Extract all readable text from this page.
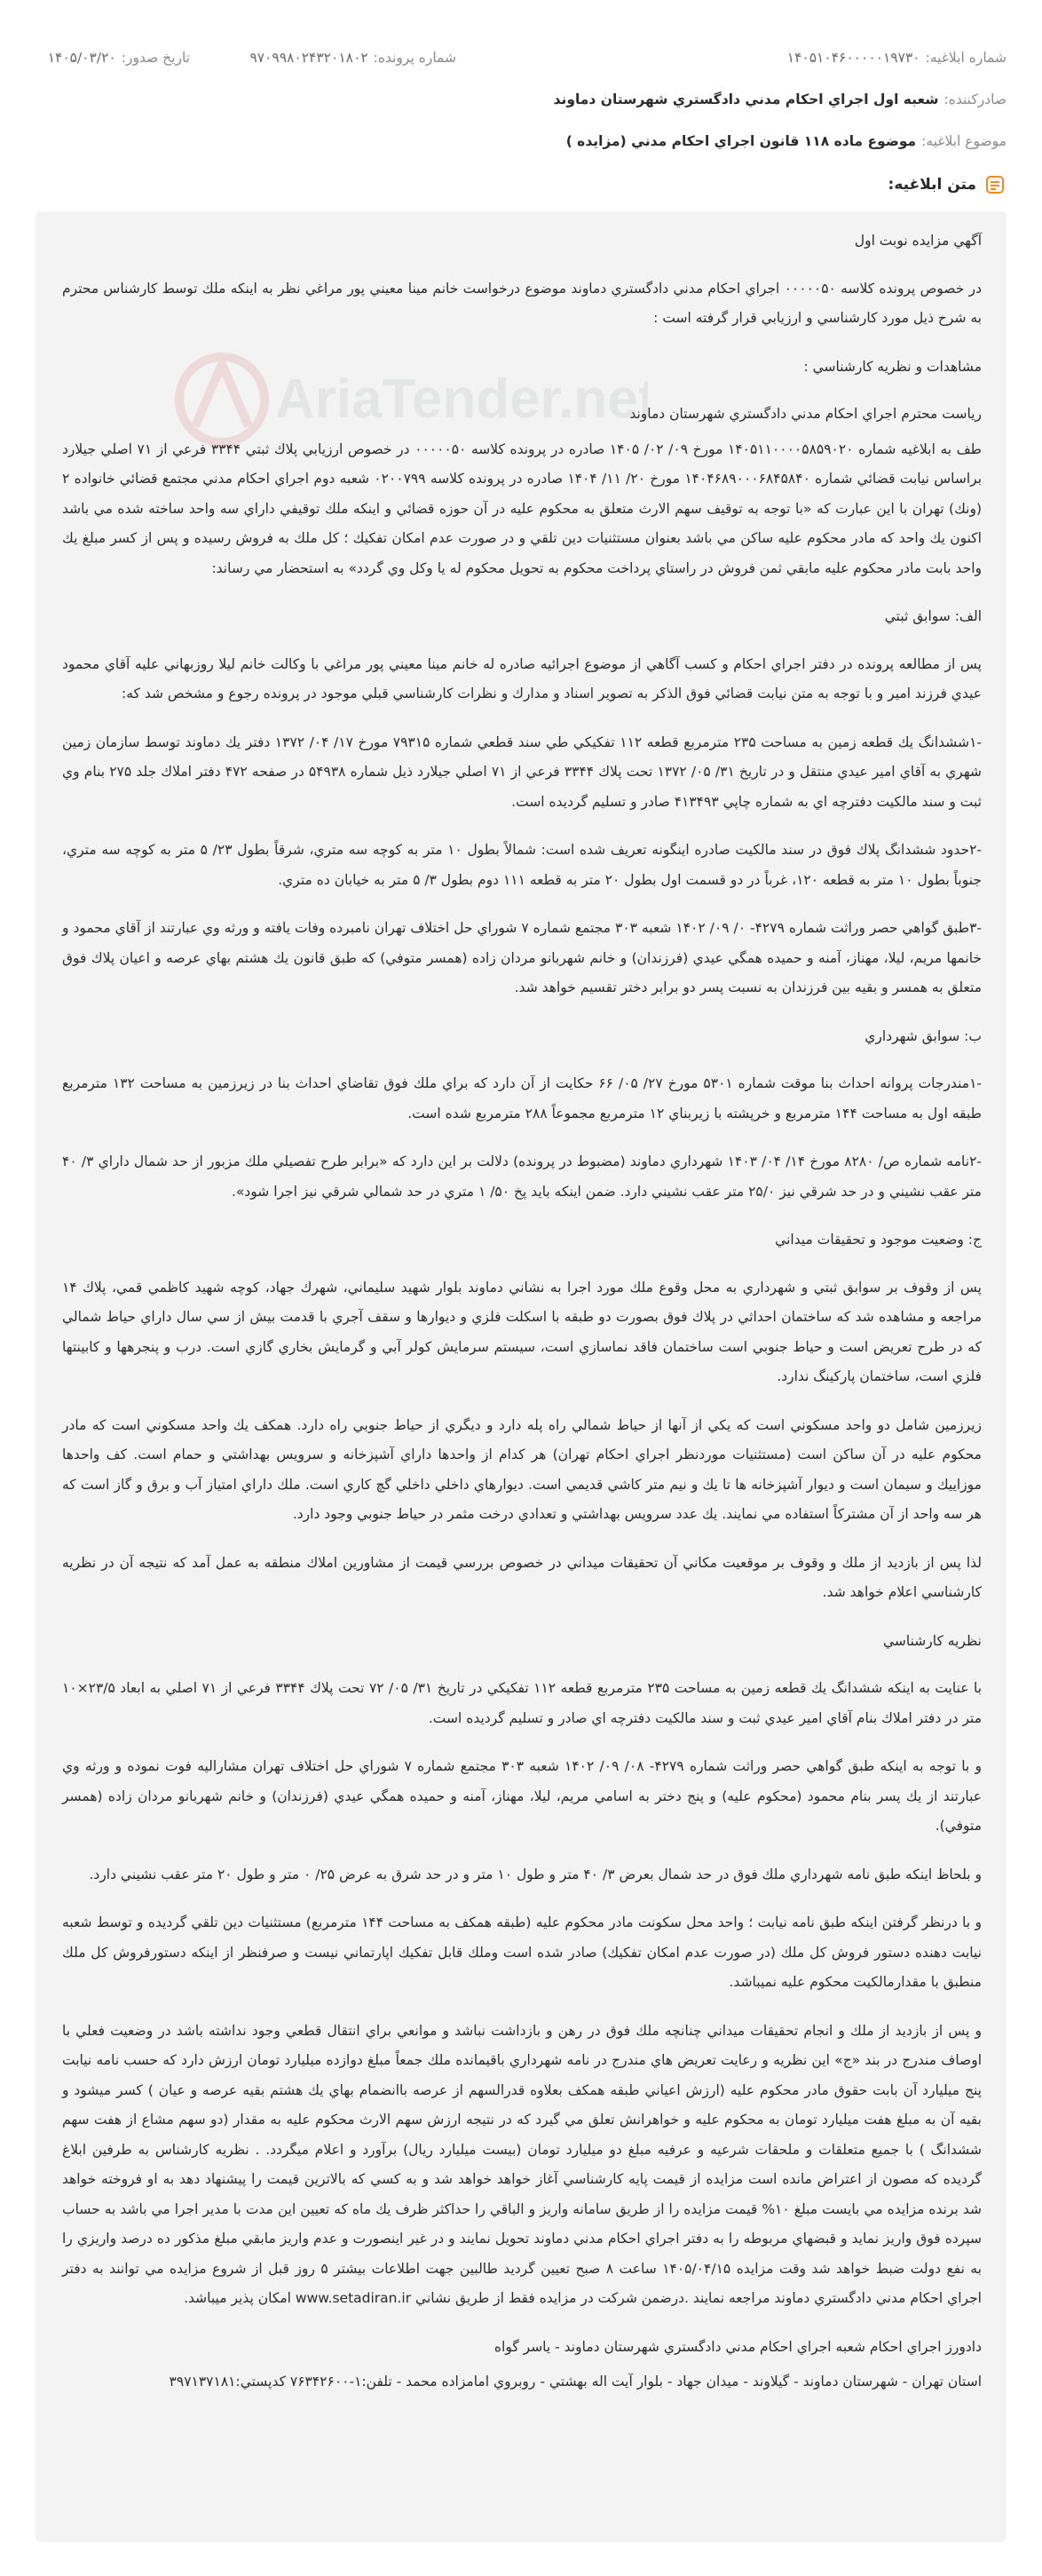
شماره ابلاغیه:
۱۴۰۵۱۰۴۶۰۰۰۰۰۱۹۷۳۰
شماره پرونده:
۹۷۰۹۹۸۰۲۴۳۲۰۱۸۰۲
تاریخ صدور:
۱۴۰۵/۰۳/۲۰
صادرکننده:
شعبه اول اجراي احكام مدني دادگستري شهرستان دماوند
موضوع ابلاغیه:
موضوع ماده ۱۱۸ قانون اجراي احکام مدني (مزايده )
متن ابلاغیه:

آگهي مزايده نوبت اول

در خصوص پرونده كلاسه ۰۰۰۰۰۵۰ اجراي احكام مدني دادگستري دماوند موضوع درخواست خانم مينا معيني پور مراغي نظر به اينكه ملك توسط كارشناس محترم به شرح ذيل مورد كارشناسي و ارزيابي قرار گرفته است :

مشاهدات و نظريه كارشناسي :

رياست محترم اجراي احكام مدني دادگستري شهرستان دماوند

طف به ابلاغيه شماره ۱۴۰۵۱۱۰۰۰۰۵۸۵۹۰۲۰ مورخ ۰۹/ ۰۲/ ۱۴۰۵ صادره در پرونده كلاسه ۰۰۰۰۰۵۰ در خصوص ارزيابي پلاك ثبتي ۳۳۴۴ فرعي از ۷۱ اصلي جيلارد براساس نيابت قضائي شماره ۱۴۰۴۶۸۹۰۰۰۶۸۴۵۸۴۰ مورخ ۲۰/ ۱۱/ ۱۴۰۴ صادره در پرونده كلاسه ۰۲۰۰۷۹۹ شعبه دوم اجراي احكام مدني مجتمع قضائي خانواده ۲ (ونك) تهران با اين عبارت كه «با توجه به توقيف سهم الارث متعلق به محكوم عليه در آن حوزه قضائي و اينكه ملك توقيفي داراي سه واحد ساخته شده مي باشد اكنون يك واحد كه مادر محكوم عليه ساكن مي باشد بعنوان مستثنيات دين تلقي و در صورت عدم امكان تفكيك ؛ كل ملك به فروش رسيده و پس از كسر مبلغ يك واحد بابت مادر محكوم عليه مابقي ثمن فروش در راستاي پرداخت محكوم به تحويل محكوم له يا وكل وي گردد» به استحضار مي رساند:

الف: سوابق ثبتي

پس از مطالعه پرونده در دفتر اجراي احكام و كسب آگاهي از موضوع اجرائيه صادره له خانم مينا معيني پور مراغي با وكالت خانم ليلا روزبهاني عليه آقاي محمود عيدي فرزند امير و با توجه به متن نيابت قضائي فوق الذكر به تصوير اسناد و مدارك و نظرات كارشناسي قبلي موجود در پرونده رجوع و مشخص شد كه:

-۱ششدانگ يك قطعه زمين به مساحت ۲۳۵ مترمربع قطعه ۱۱۲ تفكيكي طي سند قطعي شماره ۷۹۳۱۵ مورخ ۱۷/ ۰۴/ ۱۳۷۲ دفتر يك دماوند توسط سازمان زمين شهري به آقاي امير عيدي منتقل و در تاريخ ۳۱/ ۰۵/ ۱۳۷۲ تحت پلاك ۳۳۴۴ فرعي از ۷۱ اصلي جيلارد ذيل شماره ۵۴۹۳۸ در صفحه ۴۷۲ دفتر املاك جلد ۲۷۵ بنام وي ثبت و سند مالكيت دفترچه اي به شماره چاپي ۴۱۳۴۹۳ صادر و تسليم گرديده است.

-۲حدود ششدانگ پلاك فوق در سند مالكيت صادره اينگونه تعريف شده است: شمالاً بطول ۱۰ متر به كوچه سه متري، شرقاً بطول ۲۳/ ۵ متر به كوچه سه متري، جنوباً بطول ۱۰ متر به قطعه ۱۲۰، غرباً در دو قسمت اول بطول ۲۰ متر به قطعه ۱۱۱ دوم بطول ۳/ ۵ متر به خيابان ده متري.

-۳طبق گواهي حصر وراثت شماره ۴۲۷۹- ۰/ ۰۹/ ۱۴۰۲ شعبه ۳۰۳ مجتمع شماره ۷ شوراي حل اختلاف تهران نامبرده وفات يافته و ورثه وي عبارتند از آقاي محمود و خانمها مريم، ليلا، مهناز، آمنه و حميده همگي عيدي (فرزندان) و خانم شهربانو مردان زاده (همسر متوفي) كه طبق قانون يك هشتم بهاي عرصه و اعيان پلاك فوق متعلق به همسر و بقيه بين فرزندان به نسبت پسر دو برابر دختر تقسيم خواهد شد.

ب: سوابق شهرداري

-۱مندرجات پروانه احداث بنا موقت شماره ۵۳۰۱ مورخ ۲۷/ ۰۵/ ۶۶ حكايت از آن دارد كه براي ملك فوق تقاضاي احداث بنا در زيرزمين به مساحت ۱۳۲ مترمربع طبقه اول به مساحت ۱۴۴ مترمربع و خرپشته با زيربناي ۱۲ مترمربع مجموعاً ۲۸۸ مترمربع شده است.

-۲نامه شماره ص/ ۸۲۸۰ مورخ ۱۴/ ۰۴/ ۱۴۰۳ شهرداري دماوند (مضبوط در پرونده) دلالت بر اين دارد كه «برابر طرح تفصيلي ملك مزبور از حد شمال داراي ۳/ ۴۰ متر عقب نشيني و در حد شرقي نيز ۲۵/۰ متر عقب نشيني دارد. ضمن اينكه بايد پخ ۵۰/ ۱ متري در حد شمالي شرقي نيز اجرا شود».

ج: وضعيت موجود و تحقيقات ميداني

پس از وقوف بر سوابق ثبتي و شهرداري به محل وقوع ملك مورد اجرا به نشاني دماوند بلوار شهيد سليماني، شهرك جهاد، كوچه شهيد كاظمي قمي، پلاك ۱۴ مراجعه و مشاهده شد كه ساختمان احداثي در پلاك فوق بصورت دو طبقه با اسكلت فلزي و ديوارها و سقف آجري با قدمت بيش از سي سال داراي حياط شمالي كه در طرح تعريض است و حياط جنوبي است ساختمان فاقد نماسازي است، سيستم سرمايش كولر آبي و گرمايش بخاري گازي است. درب و پنجرهها و كابينتها فلزي است، ساختمان پاركينگ ندارد.

زيرزمين شامل دو واحد مسكوني است كه يكي از آنها از حياط شمالي راه پله دارد و ديگري از حياط جنوبي راه دارد. همكف يك واحد مسكوني است كه مادر محكوم عليه در آن ساكن است (مستثنيات موردنظر اجراي احكام تهران) هر كدام از واحدها داراي آشپزخانه و سرويس بهداشتي و حمام است. كف واحدها موزاييك و سيمان است و ديوار آشپزخانه ها تا يك و نيم متر كاشي قديمي است. ديوارهاي داخلي داخلي گچ كاري است. ملك داراي امتياز آب و برق و گاز است كه هر سه واحد از آن مشتركاً استفاده مي نمايند. يك عدد سرويس بهداشتي و تعدادي درخت مثمر در حياط جنوبي وجود دارد.

لذا پس از بازديد از ملك و وقوف بر موقعيت مكاني آن تحقيقات ميداني در خصوص بررسي قيمت از مشاورين املاك منطقه به عمل آمد كه نتيجه آن در نظريه كارشناسي اعلام خواهد شد.

نظريه كارشناسي

با عنايت به اينكه ششدانگ يك قطعه زمين به مساحت ۲۳۵ مترمربع قطعه ۱۱۲ تفكيكي در تاريخ ۳۱/ ۰۵/ ۷۲ تحت پلاك ۳۳۴۴ فرعي از ۷۱ اصلي به ابعاد ۲۳/۵×۱۰ متر در دفتر املاك بنام آقاي امير عيدي ثبت و سند مالكيت دفترچه اي صادر و تسليم گرديده است.

و با توجه به اينكه طبق گواهي حصر وراثت شماره ۴۲۷۹- ۰۸/ ۰۹/ ۱۴۰۲ شعبه ۳۰۳ مجتمع شماره ۷ شوراي حل اختلاف تهران مشارالیه فوت نموده و ورثه وي عبارتند از يك پسر بنام محمود (محكوم عليه) و پنج دختر به اسامي مريم، ليلا، مهناز، آمنه و حميده همگي عيدي (فرزندان) و خانم شهربانو مردان زاده (همسر متوفي).

و بلحاظ اينكه طبق نامه شهرداري ملك فوق در حد شمال بعرض ۳/ ۴۰ متر و طول ۱۰ متر و در حد شرق به عرض ۲۵/ ۰ متر و طول ۲۰ متر عقب نشيني دارد.

و با درنظر گرفتن اينكه طبق نامه نيابت ؛ واحد محل سكونت مادر محكوم عليه (طبقه همكف به مساحت ۱۴۴ مترمربع) مستثنيات دين تلقي گرديده و توسط شعبه نيابت دهنده دستور فروش كل ملك (در صورت عدم امكان تفكيك) صادر شده است وملك قابل تفكيك اپارتماني نيست و صرفنظر از اينكه دستورفروش كل ملك منطبق با مقدارمالكيت محكوم عليه نمیباشد.

و پس از بازديد از ملك و انجام تحقيقات ميداني چنانچه ملك فوق در رهن و بازداشت نباشد و موانعي براي انتقال قطعي وجود نداشته باشد در وضعيت فعلي با اوصاف مندرج در بند «ج» اين نظريه و رعايت تعريض هاي مندرج در نامه شهرداري باقيمانده ملك جمعاً مبلغ دوازده ميليارد تومان ارزش دارد كه حسب نامه نيابت پنج ميليارد آن بابت حقوق مادر محكوم عليه (ارزش اعياني طبقه همكف بعلاوه قدرالسهم از عرصه باانضمام بهاي يك هشتم بقيه عرصه و عيان ) كسر ميشود و بقيه آن به مبلغ هفت ميليارد تومان به محكوم عليه و خواهرانش تعلق مي گيرد كه در نتيجه ارزش سهم الارث محكوم عليه به مقدار (دو سهم مشاع از هفت سهم ششدانگ ) با جميع متعلقات و ملحقات شرعيه و عرفيه مبلغ دو ميليارد تومان (بيست ميليارد ريال) برآورد و اعلام ميگردد. . نظريه كارشناس به طرفين ابلاغ گرديده كه مصون از اعتراض مانده است مزايده از قيمت پايه كارشناسي آغاز خواهد خواهد شد و به كسي كه بالاترين قيمت را پيشنهاد دهد به او فروخته خواهد شد برنده مزايده مي بايست مبلغ ۱۰% قيمت مزايده را از طريق سامانه واريز و الباقي را حداكثر ظرف يك ماه كه تعيين اين مدت با مدير اجرا مي باشد به حساب سپرده فوق واريز نمايد و قبضهاي مربوطه را به دفتر اجراي احكام مدني دماوند تحويل نمايند و در غير اينصورت و عدم واريز مابقي مبلغ مذكور ده درصد واريزي را به نفع دولت ضبط خواهد شد وقت مزايده ۱۴۰۵/۰۴/۱۵ ساعت ۸ صبح تعيين گرديد طالبين جهت اطلاعات بيشتر ۵ روز قبل از شروع مزايده مي توانند به دفتر اجراي احكام مدني دادگستري دماوند مراجعه نمايند .درضمن شركت در مزايده فقط از طريق نشاني www.setadiran.ir امكان پذير ميباشد.

دادورز اجراي احكام شعبه اجراي احكام مدني دادگستري شهرستان دماوند - ياسر گواه

استان تهران - شهرستان دماوند - گيلاوند - ميدان جهاد - بلوار آيت اله بهشتي - روبروي امامزاده محمد - تلفن:۱-۷۶۳۴۲۶۰۰ كدپستي:۳۹۷۱۳۷۱۸۱
